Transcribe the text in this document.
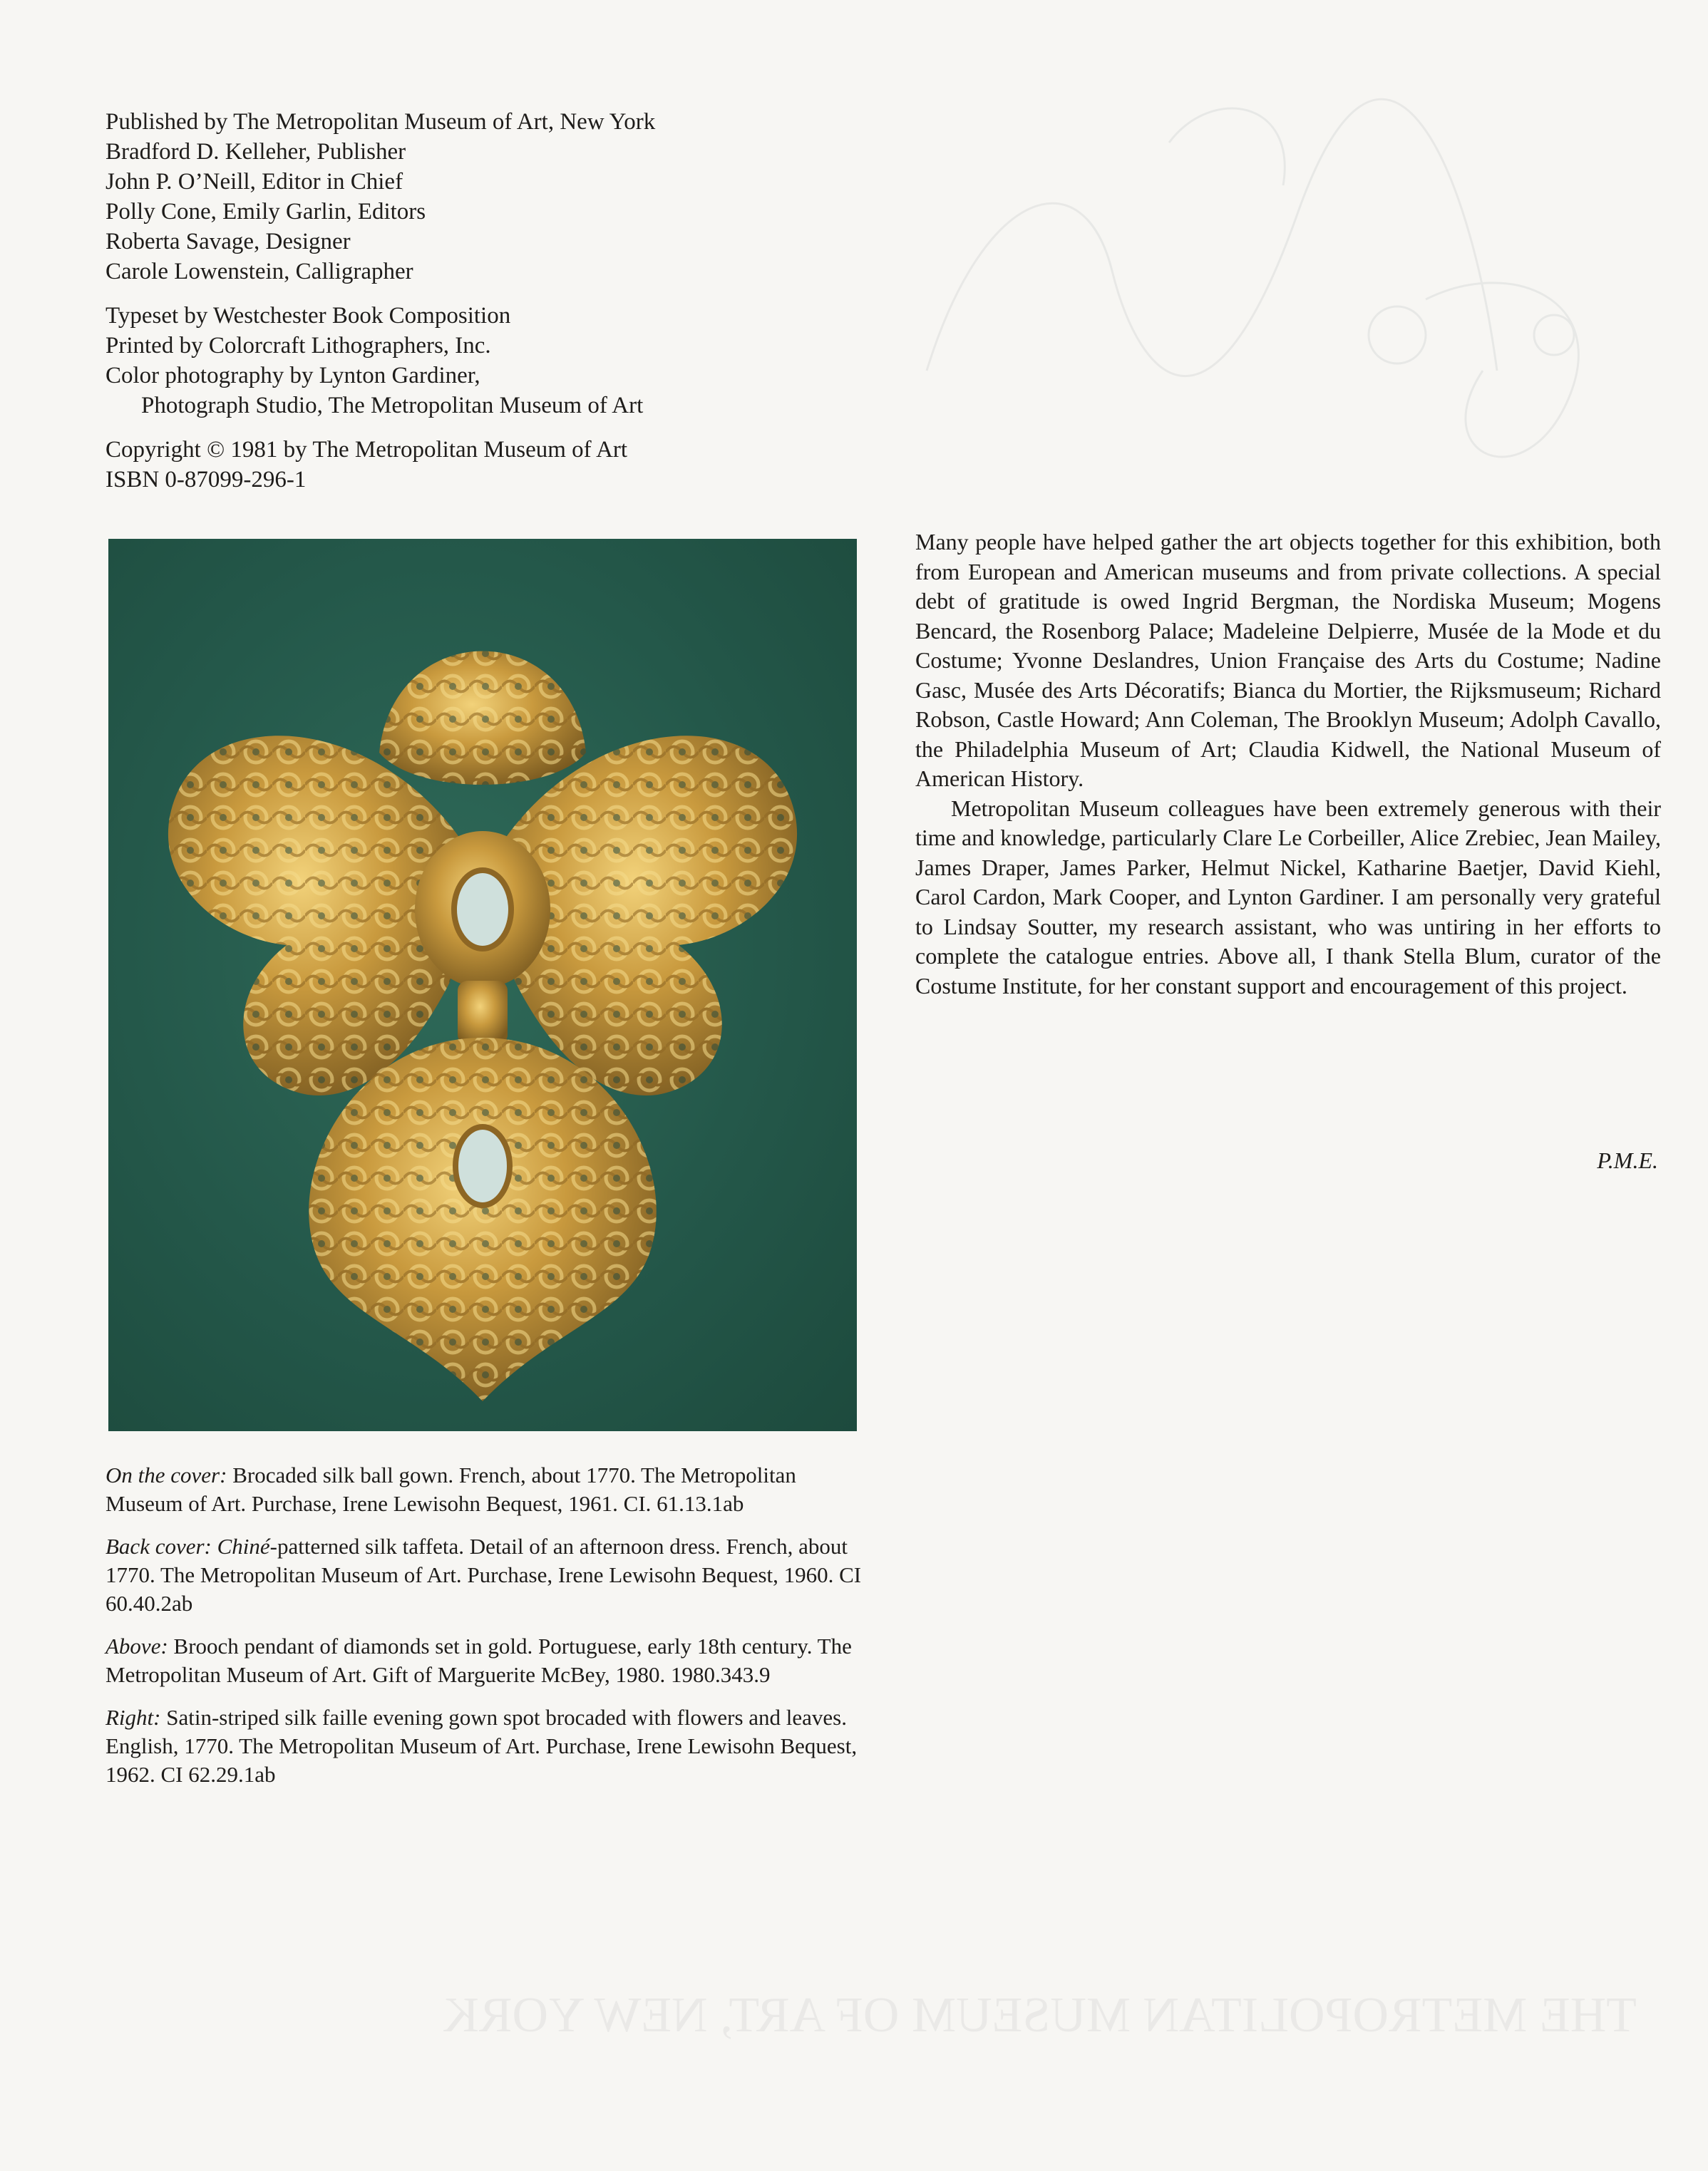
THE METROPOLITAN MUSEUM OF ART, NEW YORK
Published by The Metropolitan Museum of Art, New York
Bradford D. Kelleher, Publisher
John P. O’Neill, Editor in Chief
Polly Cone, Emily Garlin, Editors
Roberta Savage, Designer
Carole Lowenstein, Calligrapher
Typeset by Westchester Book Composition
Printed by Colorcraft Lithographers, Inc.
Color photography by Lynton Gardiner,
Photograph Studio, The Metropolitan Museum of Art
Copyright © 1981 by The Metropolitan Museum of Art
ISBN 0-87099-296-1

On the cover: Brocaded silk ball gown. French, about 1770. The Metropolitan Museum of Art. Purchase, Irene Lewisohn Bequest, 1961. CI. 61.13.1ab

Back cover: Chiné-patterned silk taffeta. Detail of an afternoon dress. French, about 1770. The Metropolitan Museum of Art. Purchase, Irene Lewisohn Bequest, 1960. CI 60.40.2ab

Above: Brooch pendant of diamonds set in gold. Portuguese, early 18th century. The Metropolitan Museum of Art. Gift of Marguerite McBey, 1980. 1980.343.9

Right: Satin-striped silk faille evening gown spot brocaded with flowers and leaves. English, 1770. The Metropolitan Museum of Art. Purchase, Irene Lewisohn Bequest, 1962. CI 62.29.1ab

Many people have helped gather the art objects together for this exhibition, both from European and American museums and from private collections. A special debt of gratitude is owed Ingrid Bergman, the Nordiska Museum; Mogens Bencard, the Rosenborg Palace; Madeleine Delpierre, Musée de la Mode et du Costume; Yvonne Deslandres, Union Française des Arts du Costume; Nadine Gasc, Musée des Arts Décoratifs; Bianca du Mortier, the Rijksmuseum; Richard Robson, Castle Howard; Ann Coleman, The Brooklyn Museum; Adolph Cavallo, the Philadelphia Museum of Art; Claudia Kidwell, the National Museum of American History.

Metropolitan Museum colleagues have been extremely generous with their time and knowledge, particularly Clare Le Corbeiller, Alice Zrebiec, Jean Mailey, James Draper, James Parker, Helmut Nickel, Katharine Baetjer, David Kiehl, Carol Cardon, Mark Cooper, and Lynton Gardiner. I am personally very grateful to Lindsay Soutter, my research assistant, who was untiring in her efforts to complete the catalogue entries. Above all, I thank Stella Blum, curator of the Costume Institute, for her constant support and encouragement of this project.

P.M.E.
